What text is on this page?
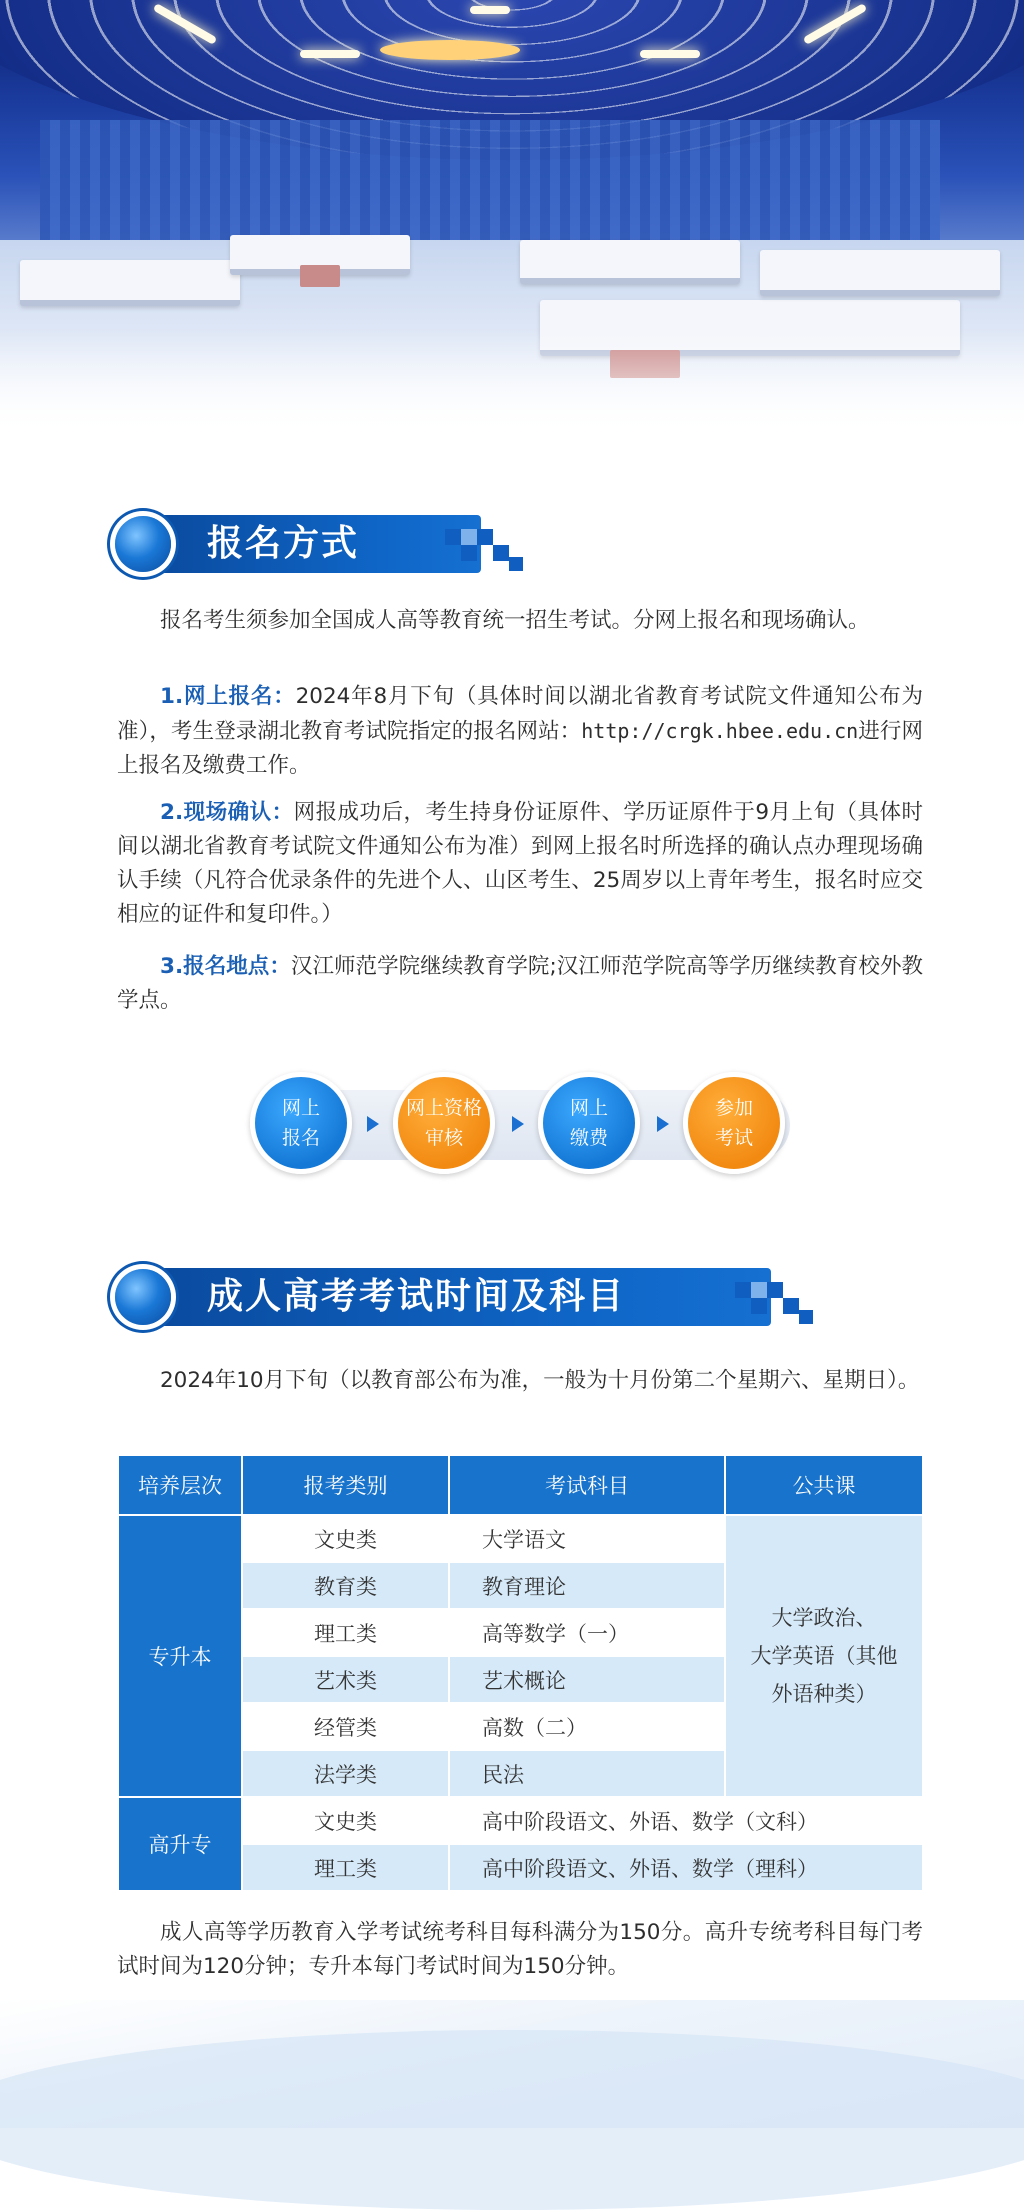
报名方式

报名考生须参加全国成人高等教育统一招生考试。分网上报名和现场确认。

1.网上报名：2024年8月下旬（具体时间以湖北省教育考试院文件通知公布为准），考生登录湖北教育考试院指定的报名网站：http://crgk.hbee.edu.cn进行网上报名及缴费工作。

2.现场确认：网报成功后，考生持身份证原件、学历证原件于9月上旬（具体时间以湖北省教育考试院文件通知公布为准）到网上报名时所选择的确认点办理现场确认手续（凡符合优录条件的先进个人、山区考生、25周岁以上青年考生，报名时应交相应的证件和复印件。）

3.报名地点：汉江师范学院继续教育学院;汉江师范学院高等学历继续教育校外教学点。

网上
报名
网上资格
审核
网上
缴费
参加
考试
成人高考考试时间及科目

2024年10月下旬（以教育部公布为准，一般为十月份第二个星期六、星期日）。

培养层次	报考类别	考试科目	公共课
专升本	文史类	大学语文	大学政治、
大学英语（其他
外语种类）

	教育类	教育理论	
	理工类	高等数学（一）	
	艺术类	艺术概论	
	经管类	高数（二）	
	法学类	民法	
高升专	文史类	高中阶段语文、外语、数学（文科）	
	理工类	高中阶段语文、外语、数学（理科）	

成人高等学历教育入学考试统考科目每科满分为150分。高升专统考科目每门考试时间为120分钟；专升本每门考试时间为150分钟。
